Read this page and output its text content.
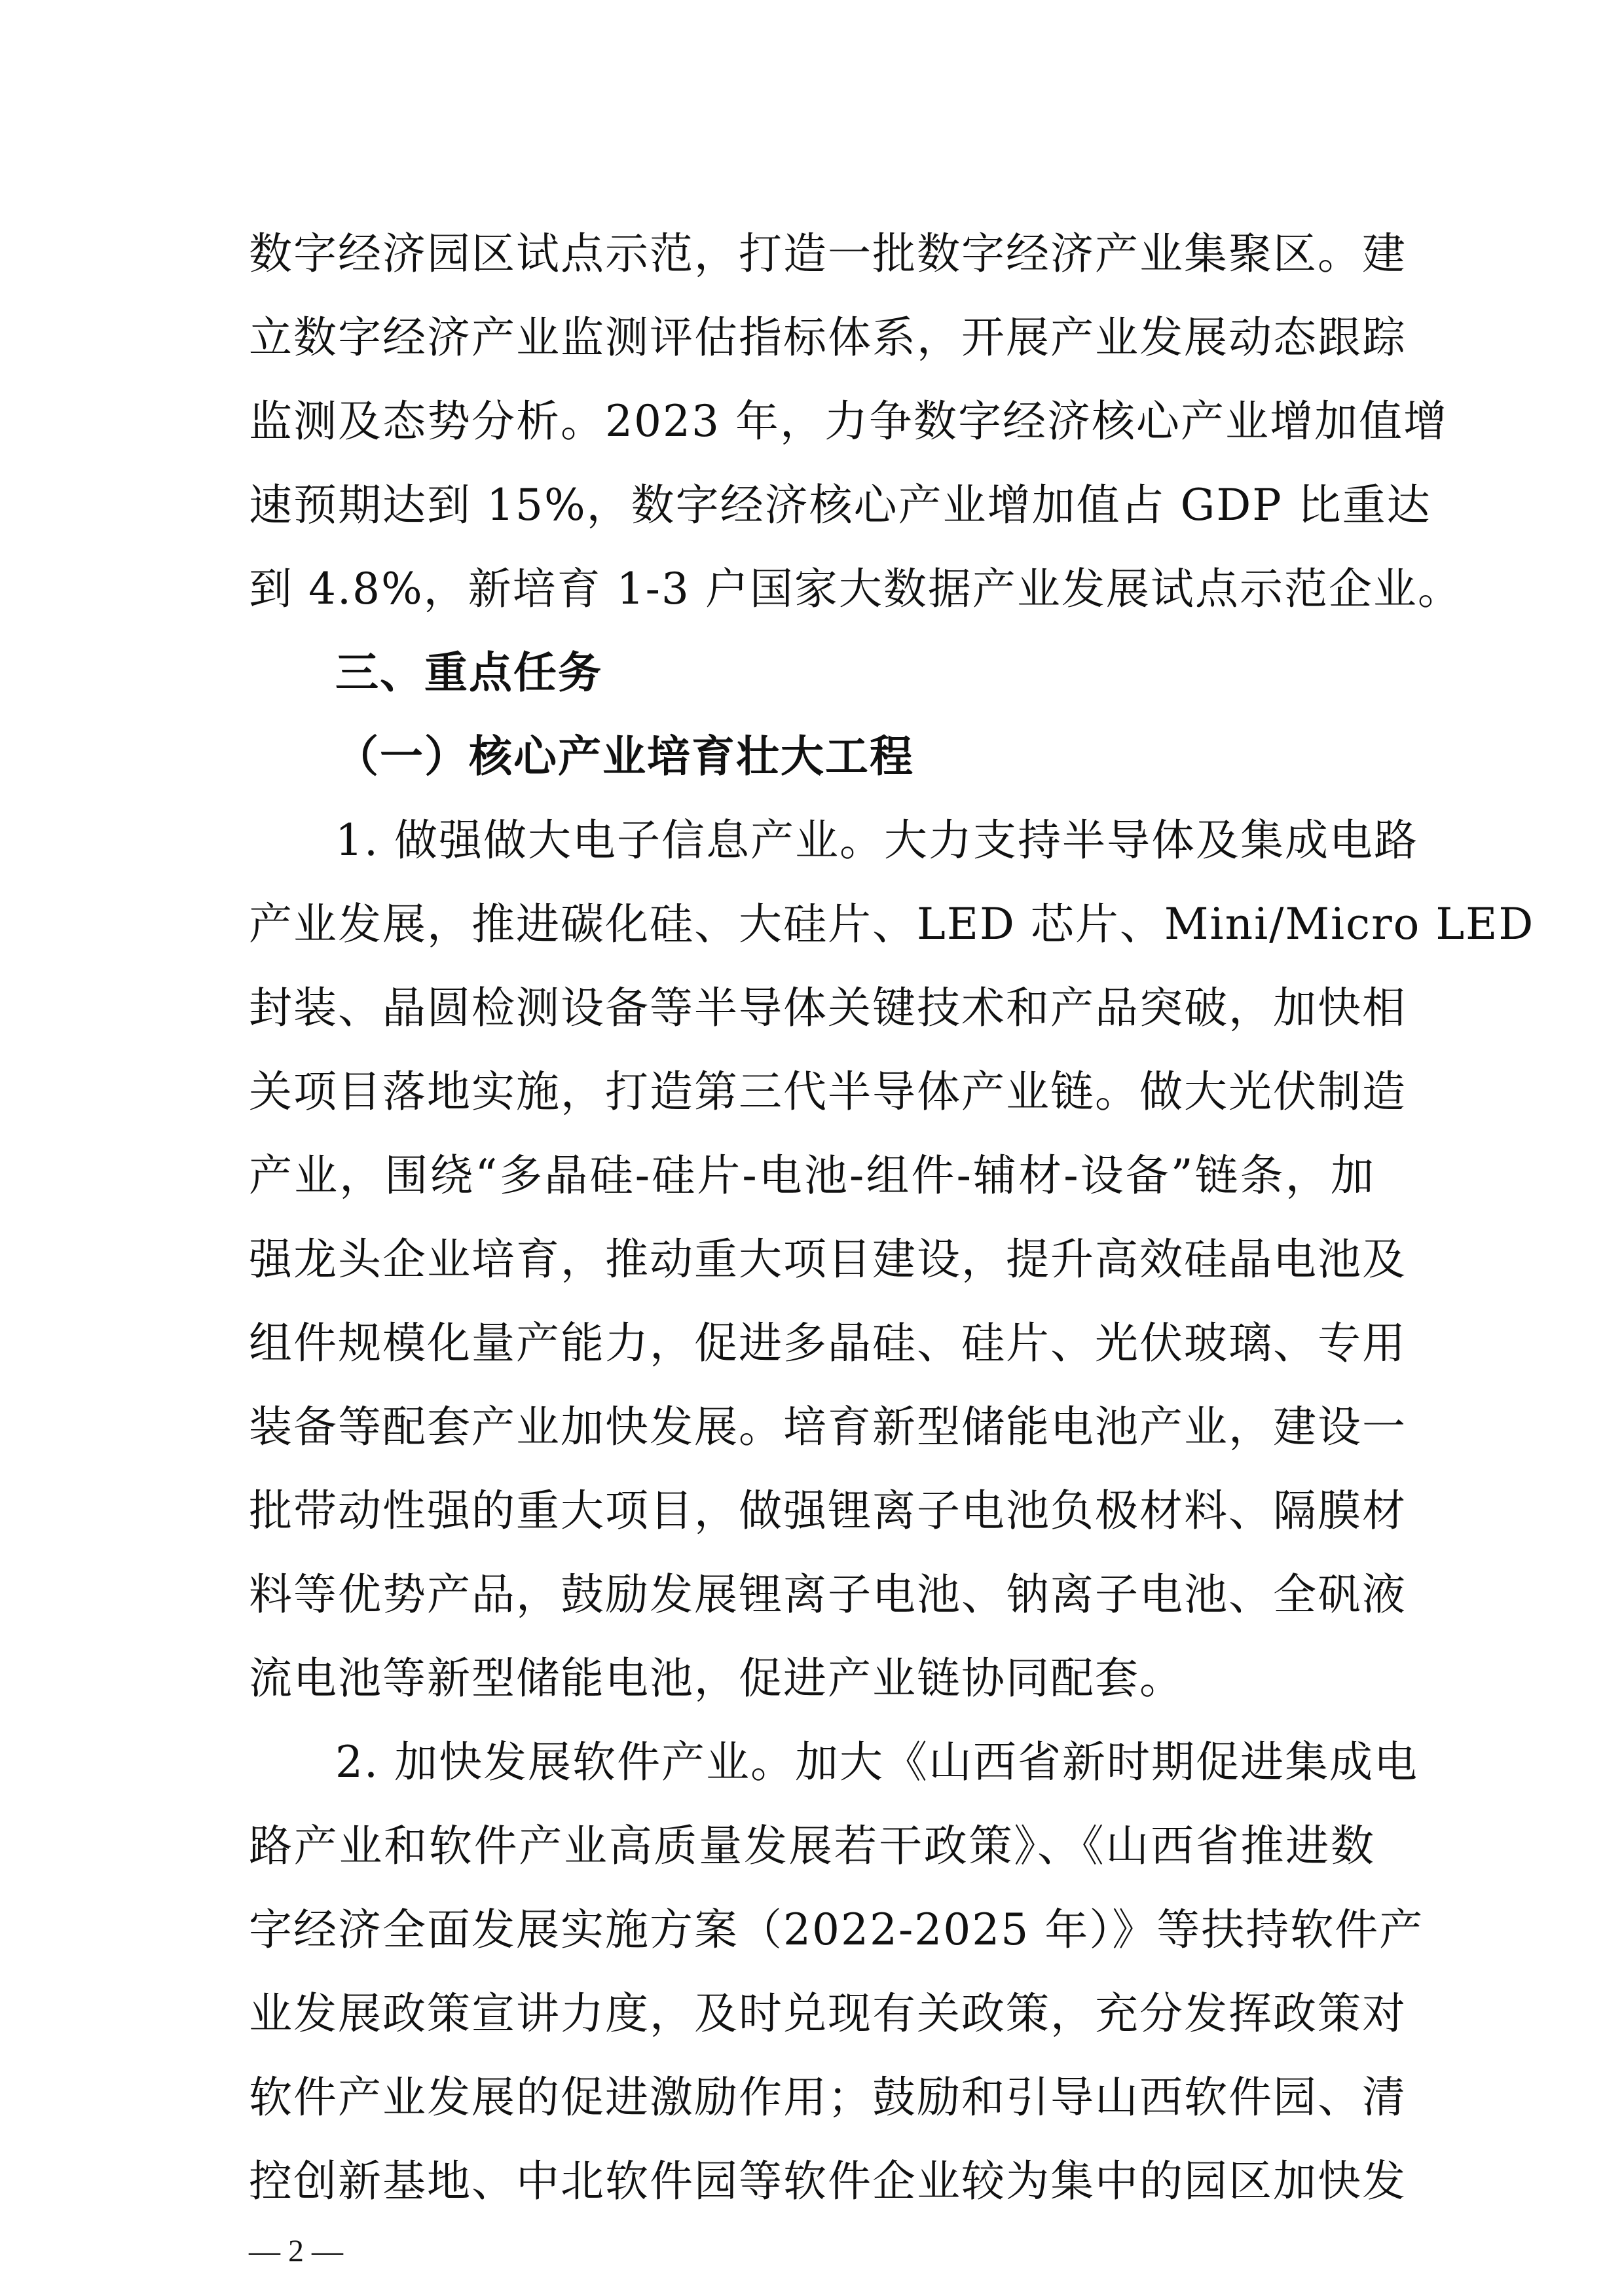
数字经济园区试点示范，打造一批数字经济产业集聚区。建
立数字经济产业监测评估指标体系，开展产业发展动态跟踪
监测及态势分析。2023 年，力争数字经济核心产业增加值增
速预期达到 15%，数字经济核心产业增加值占 GDP 比重达
到 4.8%，新培育 1-3 户国家大数据产业发展试点示范企业。
三、重点任务
（一）核心产业培育壮大工程
1. 做强做大电子信息产业。大力支持半导体及集成电路
产业发展，推进碳化硅、大硅片、LED 芯片、Mini/Micro LED
封装、晶圆检测设备等半导体关键技术和产品突破，加快相
关项目落地实施，打造第三代半导体产业链。做大光伏制造
产业，围绕“多晶硅-硅片-电池-组件-辅材-设备”链条，加
强龙头企业培育，推动重大项目建设，提升高效硅晶电池及
组件规模化量产能力，促进多晶硅、硅片、光伏玻璃、专用
装备等配套产业加快发展。培育新型储能电池产业，建设一
批带动性强的重大项目，做强锂离子电池负极材料、隔膜材
料等优势产品，鼓励发展锂离子电池、钠离子电池、全矾液
流电池等新型储能电池，促进产业链协同配套。
2. 加快发展软件产业。加大《山西省新时期促进集成电
路产业和软件产业高质量发展若干政策》、《山西省推进数
字经济全面发展实施方案（2022-2025 年）》等扶持软件产
业发展政策宣讲力度，及时兑现有关政策，充分发挥政策对
软件产业发展的促进激励作用；鼓励和引导山西软件园、清
控创新基地、中北软件园等软件企业较为集中的园区加快发
— 2 —
